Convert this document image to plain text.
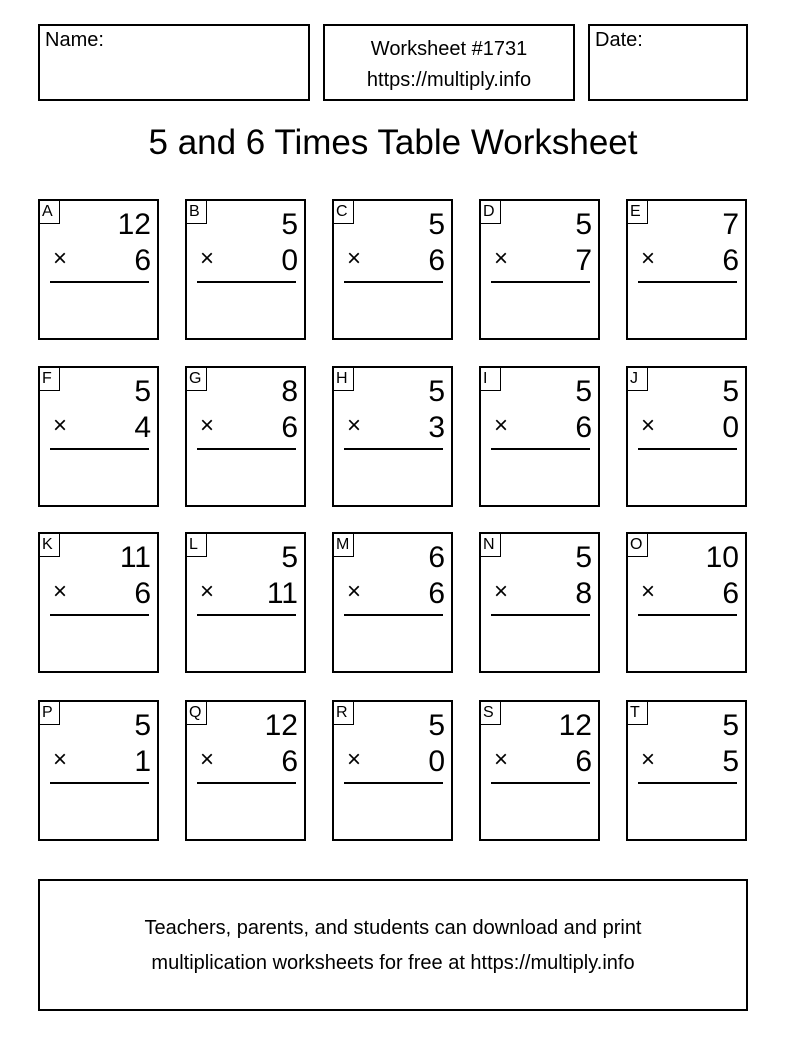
Name:	Worksheet #1731
https://multiply.info
Date:
5 and 6 Times Table Worksheet
A 12
× 6
B	5
× 0
C	5
× 6
D	5
× 7
E	7
× 6
F	5
× 4
G	8
× 6
H	5
× 3
I	5
× 6
J	5
× 0
K 11
× 6
L	5
× 11
M	6
× 6
N	5
× 8
O 10
× 6
P	5
× 1
Q 12
× 6
R	5
× 0
S 12
× 6
T	5
× 5
Teachers, parents, and students can download and print
multiplication worksheets for free at https://multiply.info
